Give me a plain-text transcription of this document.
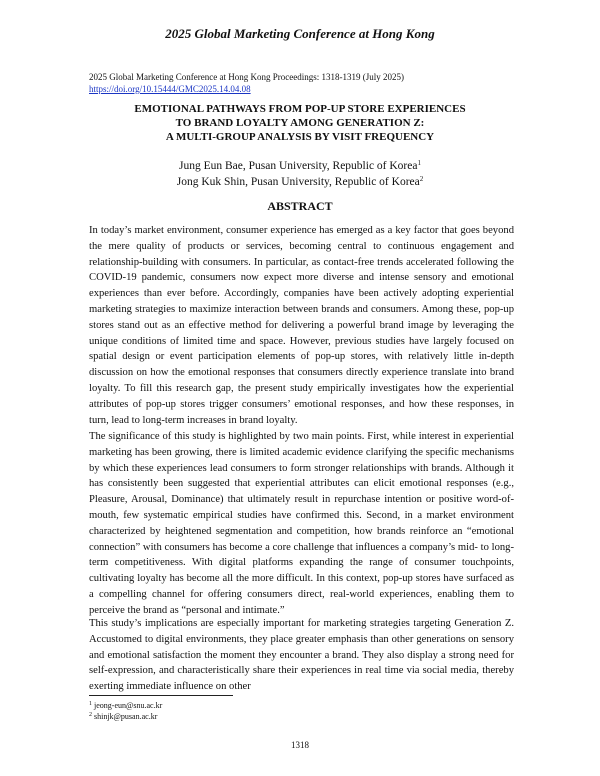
2025 Global Marketing Conference at Hong Kong
2025 Global Marketing Conference at Hong Kong Proceedings: 1318-1319 (July 2025)
https://doi.org/10.15444/GMC2025.14.04.08
EMOTIONAL PATHWAYS FROM POP-UP STORE EXPERIENCES
TO BRAND LOYALTY AMONG GENERATION Z:
A MULTI-GROUP ANALYSIS BY VISIT FREQUENCY
Jung Eun Bae, Pusan University, Republic of Korea$^1$
Jong Kuk Shin, Pusan University, Republic of Korea$^2$
ABSTRACT
In today’s market environment, consumer experience has emerged as a key factor that goes beyond the mere quality of products or services, becoming central to continuous engagement and relationship-building with consumers. In particular, as contact-free trends accelerated following the COVID-19 pandemic, consumers now expect more diverse and intense sensory and emotional experiences than ever before. Accordingly, companies have been actively adopting experiential marketing strategies to maximize interaction between brands and consumers. Among these, pop-up stores stand out as an effective method for delivering a powerful brand image by leveraging the unique conditions of limited time and space. However, previous studies have largely focused on spatial design or event participation elements of pop-up stores, with relatively little in-depth discussion on how the emotional responses that consumers directly experience translate into brand loyalty. To fill this research gap, the present study empirically investigates how the experiential attributes of pop-up stores trigger consumers’ emotional responses, and how these responses, in turn, lead to long-term increases in brand loyalty.
The significance of this study is highlighted by two main points. First, while interest in experiential marketing has been growing, there is limited academic evidence clarifying the specific mechanisms by which these experiences lead consumers to form stronger relationships with brands. Although it has consistently been suggested that experiential attributes can elicit emotional responses (e.g., Pleasure, Arousal, Dominance) that ultimately result in repurchase intention or positive word-of-mouth, few systematic empirical studies have confirmed this. Second, in a market environment characterized by heightened segmentation and competition, how brands reinforce an “emotional connection” with consumers has become a core challenge that influences a company’s mid- to long-term competitiveness. With digital platforms expanding the range of consumer touchpoints, cultivating loyalty has become all the more difficult. In this context, pop-up stores have surfaced as a compelling channel for offering consumers direct, real-world experiences, enabling them to perceive the brand as “personal and intimate.”
This study’s implications are especially important for marketing strategies targeting Generation Z. Accustomed to digital environments, they place greater emphasis than other generations on sensory and emotional satisfaction the moment they encounter a brand. They also display a strong need for self-expression, and characteristically share their experiences in real time via social media, thereby exerting immediate influence on other
$^1$ jeong-eun@snu.ac.kr
$^2$ shinjk@pusan.ac.kr
1318
